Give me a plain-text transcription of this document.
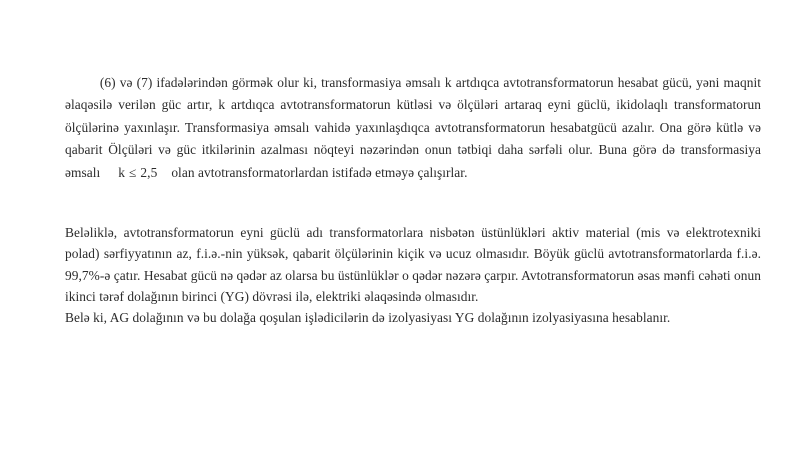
(6) və (7) ifadələrindən görmək olur ki, transformasiya əmsalı k artdıqca avtotransformatorun hesabat gücü, yəni maqnit əlaqəsilə verilən güc artır, k artdıqca avtotransformatorun kütləsi və ölçüləri artaraq eyni güclü, ikidolaqlı transformatorun ölçülərinə yaxınlaşır. Transformasiya əmsalı vahidə yaxınlaşdıqca avtotransformatorun hesabatgücü azalır. Ona görə kütlə və qabarit Ölçüləri və güc itkilərinin azalması nöqteyi nəzərindən onun tətbiqi daha sərfəli olur. Buna görə də transformasiya əmsalı k ≤ 2,5 olan avtotransformatorlardan istifadə etməyə çalışırlar.

Beləliklə, avtotransformatorun eyni güclü adı transformatorlara nisbətən üstünlükləri aktiv material (mis və elektrotexniki polad) sərfiyyatının az, f.i.ə.-nin yüksək, qabarit ölçülərinin kiçik və ucuz olmasıdır. Böyük güclü avtotransformatorlarda f.i.ə. 99,7%-ə çatır. Hesabat gücü nə qədər az olarsa bu üstünlüklər o qədər nəzərə çarpır. Avtotransformatorun əsas mənfi cəhəti onun ikinci tərəf dolağının birinci (YG) dövrəsi ilə, elektriki əlaqəsində olmasıdır.

Belə ki, AG dolağının və bu dolağa qoşulan işlədicilərin də izolyasiyası YG dolağının izolyasiyasına hesablanır.
